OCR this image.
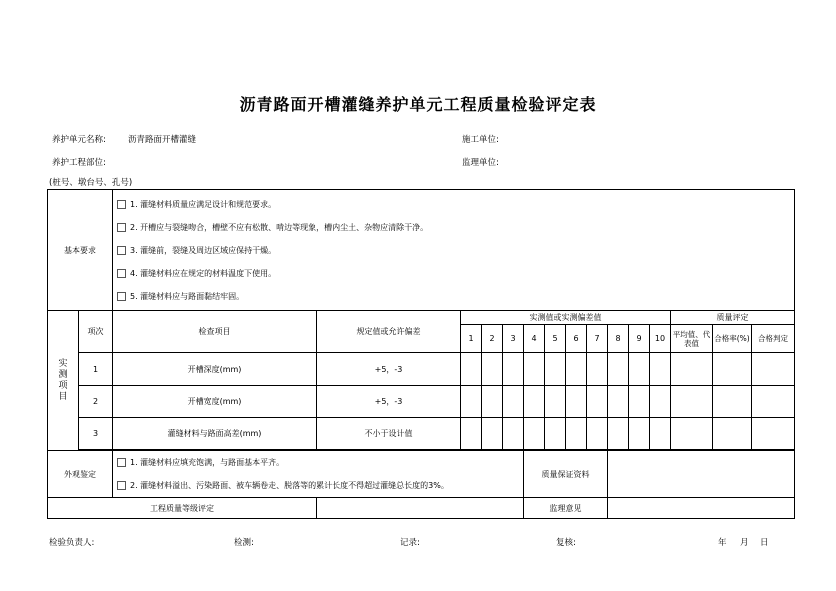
沥青路面开槽灌缝养护单元工程质量检验评定表
养护单元名称:	沥青路面开槽灌缝	施工单位:
养护工程部位:	监理单位:
(桩号、墩台号、孔号)
基本要求		1. 灌缝材料质量应满足设计和规范要求。
2. 开槽应与裂缝吻合，槽壁不应有松散、啃边等现象，槽内尘土、杂物应清除干净。
3. 灌缝前，裂缝及周边区域应保持干燥。
4. 灌缝材料应在规定的材料温度下使用。
5. 灌缝材料应与路面黏结牢固。														

实测项目	项次	检查项目	规定值或允许偏差	实测值或实测偏差值										质量评定		
				1	2	3	4	5	6	7	8	9	10	平均值、代表值	合格率(%)	合格判定
	1	开槽深度(mm)	+5，-3													
	2	开槽宽度(mm)	+5，-3													
	3	灌缝材料与路面高差(mm)	不小于设计值													

外观鉴定		1. 灌缝材料应填充饱满，与路面基本平齐。
2. 灌缝材料溢出、污染路面、被车辆卷走、脱落等的累计长度不得超过灌缝总长度的3%。					质量保证资料									
工程质量等级评定							监理意见									
检验负责人:	检测:	记录:	复核:	年 月 日
